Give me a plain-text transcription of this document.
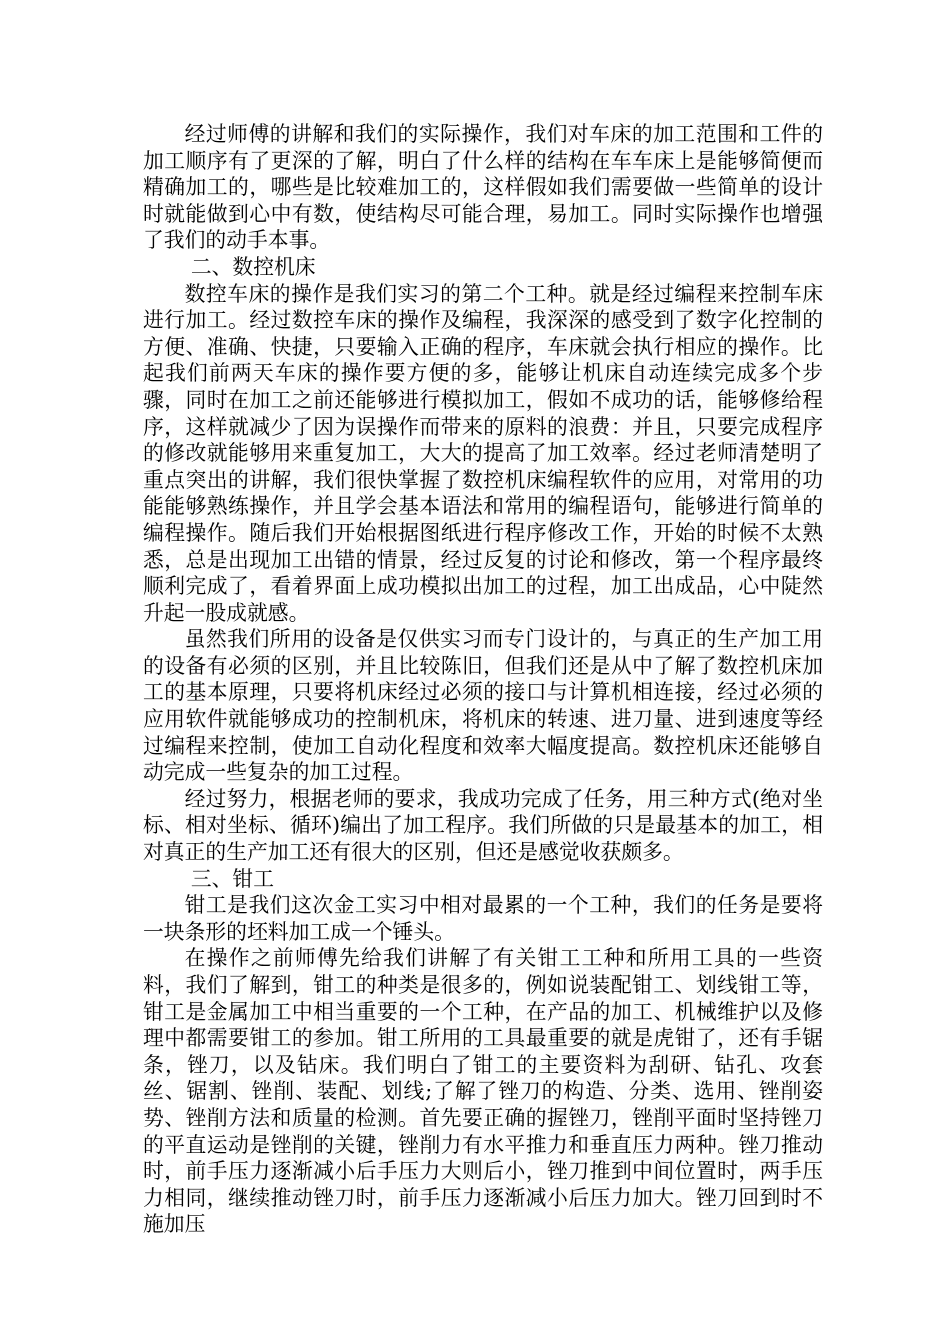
经过师傅的讲解和我们的实际操作，我们对车床的加工范围和工件的加工顺序有了更深的了解，明白了什么样的结构在车车床上是能够简便而精确加工的，哪些是比较难加工的，这样假如我们需要做一些简单的设计时就能做到心中有数，使结构尽可能合理，易加工。同时实际操作也增强了我们的动手本事。

二、数控机床

数控车床的操作是我们实习的第二个工种。就是经过编程来控制车床进行加工。经过数控车床的操作及编程，我深深的感受到了数字化控制的方便、准确、快捷，只要输入正确的程序，车床就会执行相应的操作。比起我们前两天车床的操作要方便的多，能够让机床自动连续完成多个步骤，同时在加工之前还能够进行模拟加工，假如不成功的话，能够修给程序，这样就减少了因为误操作而带来的原料的浪费：并且，只要完成程序的修改就能够用来重复加工，大大的提高了加工效率。经过老师清楚明了重点突出的讲解，我们很快掌握了数控机床编程软件的应用，对常用的功能能够熟练操作，并且学会基本语法和常用的编程语句，能够进行简单的编程操作。随后我们开始根据图纸进行程序修改工作，开始的时候不太熟悉，总是出现加工出错的情景，经过反复的讨论和修改，第一个程序最终顺利完成了，看着界面上成功模拟出加工的过程，加工出成品，心中陡然升起一股成就感。

虽然我们所用的设备是仅供实习而专门设计的，与真正的生产加工用的设备有必须的区别，并且比较陈旧，但我们还是从中了解了数控机床加工的基本原理，只要将机床经过必须的接口与计算机相连接，经过必须的应用软件就能够成功的控制机床，将机床的转速、进刀量、进到速度等经过编程来控制，使加工自动化程度和效率大幅度提高。数控机床还能够自动完成一些复杂的加工过程。

经过努力，根据老师的要求，我成功完成了任务，用三种方式(绝对坐标、相对坐标、循环)编出了加工程序。我们所做的只是最基本的加工，相对真正的生产加工还有很大的区别，但还是感觉收获颇多。

三、钳工

钳工是我们这次金工实习中相对最累的一个工种，我们的任务是要将一块条形的坯料加工成一个锤头。

在操作之前师傅先给我们讲解了有关钳工工种和所用工具的一些资料，我们了解到，钳工的种类是很多的，例如说装配钳工、划线钳工等，钳工是金属加工中相当重要的一个工种，在产品的加工、机械维护以及修理中都需要钳工的参加。钳工所用的工具最重要的就是虎钳了，还有手锯条，锉刀，以及钻床。我们明白了钳工的主要资料为刮研、钻孔、攻套丝、锯割、锉削、装配、划线;了解了锉刀的构造、分类、选用、锉削姿势、锉削方法和质量的检测。首先要正确的握锉刀，锉削平面时坚持锉刀的平直运动是锉削的关键，锉削力有水平推力和垂直压力两种。锉刀推动时，前手压力逐渐减小后手压力大则后小，锉刀推到中间位置时，两手压力相同，继续推动锉刀时，前手压力逐渐减小后压力加大。锉刀回到时不施加压
